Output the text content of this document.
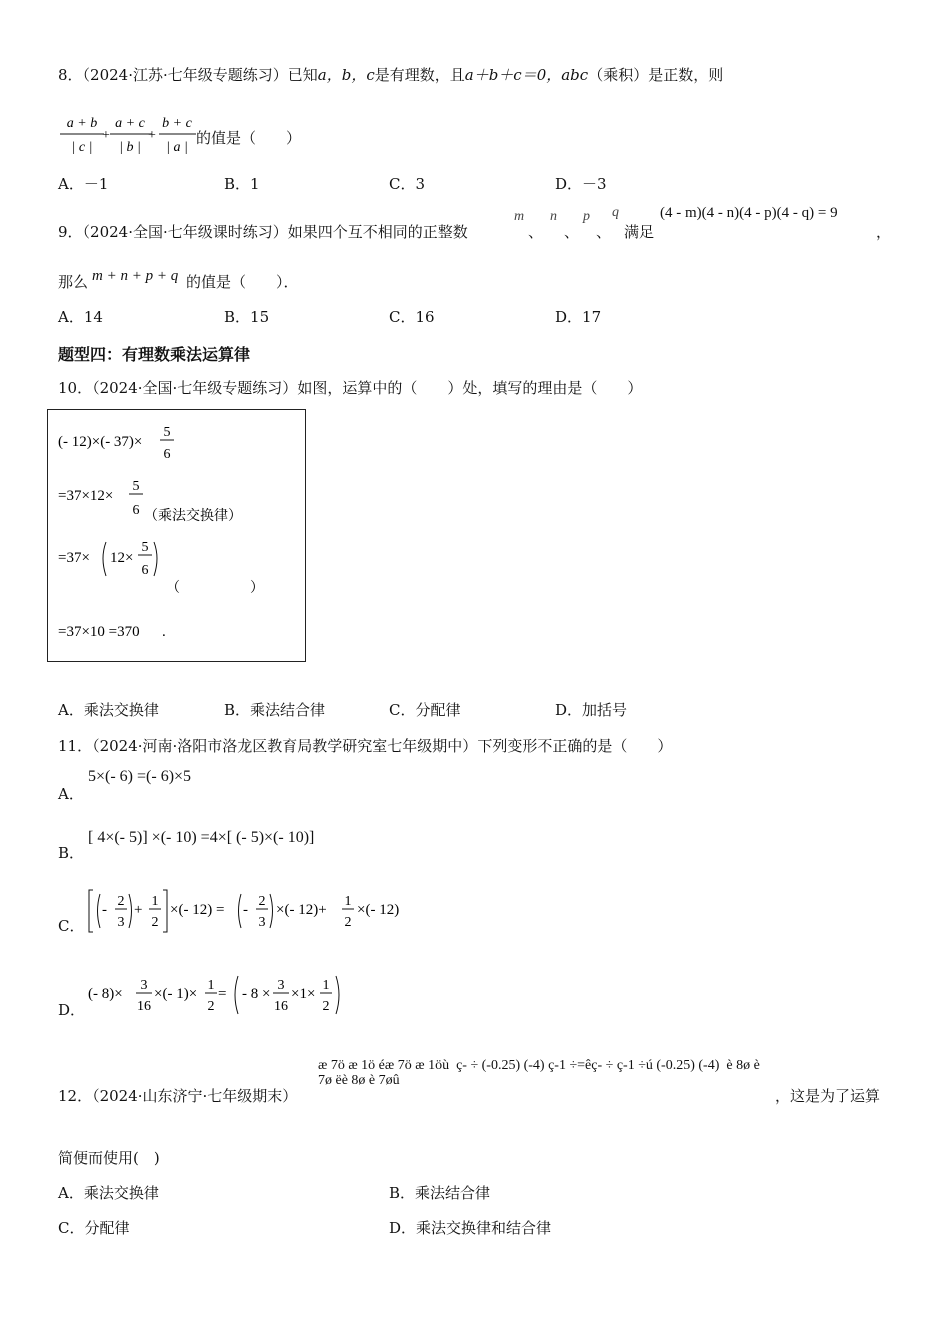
8．（2024·江苏·七年级专题练习）已知a，b，c是有理数，且a＋b＋c＝0，abc（乘积）是正数，则
a + b
| c |
+
a + c
| b |
+
b + c
| a |
的值是（　　）
A．－1	B．1	C．3	D．－3
9．（2024·全国·七年级课时练习）如果四个互不相同的正整数
m
、
n
、
p
、
q
满足
(4 - m)(4 - n)(4 - p)(4 - q) = 9
，
那么 m + n + p + q 的值是（　　）．
A．14	B．15	C．16	D．17
题型四：有理数乘法运算律
10．（2024·全国·七年级专题练习）如图，运算中的（　　）处，填写的理由是（　　）
(- 12)×(- 37)×
5
6
=37×12×
5
6 （乘法交换律）
=37× 12×
5
6
（　　　　　）
=37×10 =370 .
A．乘法交换律	B．乘法结合律	C．分配律	D．加括号
11．（2024·河南·洛阳市洛龙区教育局教学研究室七年级期中）下列变形不正确的是（　　）
A．
5×(- 6) =(- 6)×5
B．
[ 4×(- 5)] ×(- 10) =4×[ (- 5)×(- 10)]
C．
-
2
3
+
1
2
×(- 12) = -
2
3
×(- 12)+
1
2
×(- 12)
D．
(- 8)×
3
16
×(- 1)×
1
2
= - 8 ×
3
16
×1×
1
2
12．（2024·山东济宁·七年级期末）
æ 7ö æ 1ö éæ 7ö æ 1öù  ç- ÷ (-0.25) (-4) ç-1 ÷=êç- ÷ ç-1 ÷ú (-0.25) (-4)  è 8ø è 7ø ëè 8ø è 7øû
，这是为了运算
简便而使用(　)
A．乘法交换律	B．乘法结合律
C．分配律	D．乘法交换律和结合律
